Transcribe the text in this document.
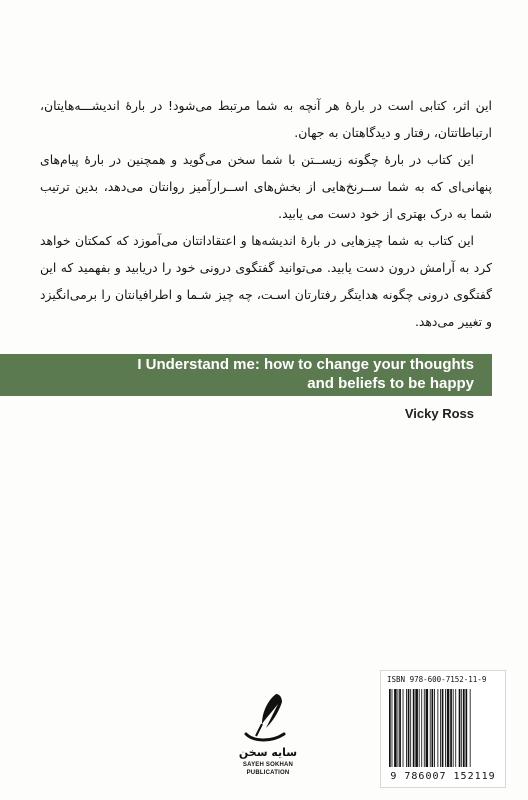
این اثر، کتابی است در بارۀ هر آنچه به شما مرتبط می‌شود! در بارۀ اندیشـــه‌هایتان، ارتباطاتتان، رفتار و دیدگاهتان به جهان.

این کتاب در بارۀ چگونه زیســتن با شما سخن می‌گوید و همچنین در بارۀ پیام‌های پنهانی‌ای که به شما ســرنخ‌هایی از بخش‌های اســرارآمیز روانتان می‌دهد، بدین ترتیب شما به درک بهتری از خود دست می یابید.

این کتاب به شما چیزهایی در بارۀ اندیشه‌ها و اعتقاداتتان می‌آموزد که کمکتان خواهد کرد به آرامش درون دست یابید. می‌توانید گفتگوی درونی خود را دریابید و بفهمید که این گفتگوی درونی چگونه هدایتگر رفتارتان اسـت، چه چیز شـما و اطرافیانتان را برمی‌انگیزد و تغییر می‌دهد.

I Understand me: how to change your thoughts
and beliefs to be happy
Vicky Ross
سایه سخن
SAYEH SOKHAN
PUBLICATION
ISBN 978-600-7152-11-9
9 786007 152119
